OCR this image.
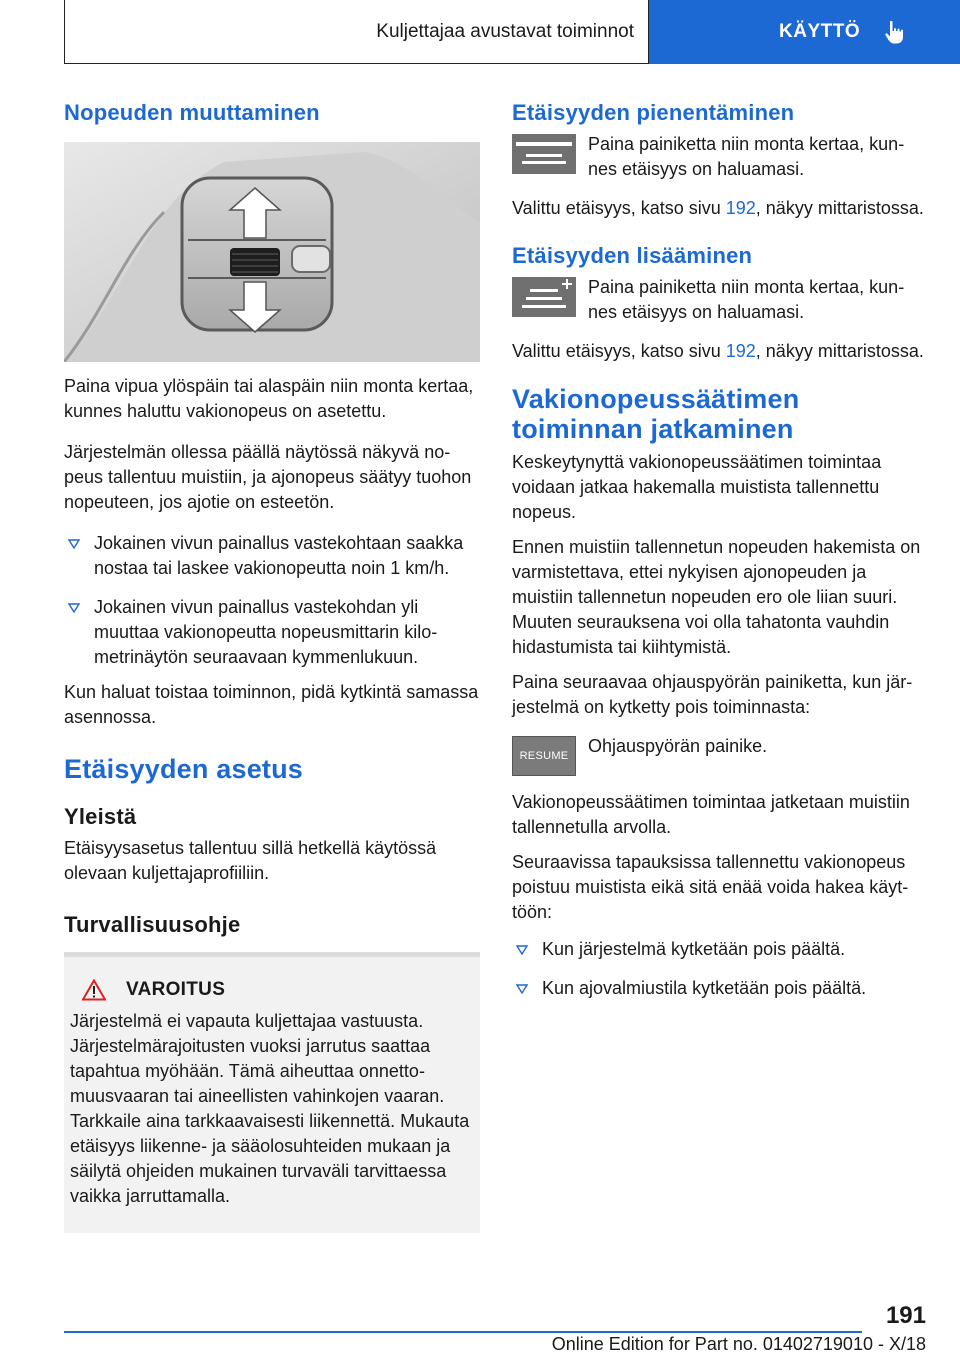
Kuljettajaa avustavat toiminnot	KÄYTTÖ
Nopeuden muuttaminen

Paina vipua ylöspäin tai alaspäin niin monta kertaa, kunnes haluttu vakionopeus on asetettu.

Järjestelmän ollessa päällä näytössä näkyvä nopeus tallentuu muistiin, ja ajonopeus säätyy tuohon nopeuteen, jos ajotie on esteetön.

Jokainen vivun painallus vastekohtaan saakka nostaa tai laskee vakionopeutta noin 1 km/h.
Jokainen vivun painallus vastekohdan yli muuttaa vakionopeutta nopeusmittarin kilometrinäytön seuraavaan kymmenlukuun.

Kun haluat toistaa toiminnon, pidä kytkintä samassa asennossa.

Etäisyyden asetus
Yleistä

Etäisyysasetus tallentuu sillä hetkellä käytössä olevaan kuljettajaprofiiliin.

Turvallisuusohje
VAROITUS

Järjestelmä ei vapauta kuljettajaa vastuusta. Järjestelmärajoitusten vuoksi jarrutus saattaa tapahtua myöhään. Tämä aiheuttaa onnettomuusvaaran tai aineellisten vahinkojen vaaran. Tarkkaile aina tarkkaavaisesti liikennettä. Mukauta etäisyys liikenne- ja sääolosuhteiden mukaan ja säilytä ohjeiden mukainen turvaväli tarvittaessa vaikka jarruttamalla.

Etäisyyden pienentäminen

Paina painiketta niin monta kertaa, kunnes etäisyys on haluamasi.

Valittu etäisyys, katso sivu 192, näkyy mittaristossa.

Etäisyyden lisääminen

Paina painiketta niin monta kertaa, kunnes etäisyys on haluamasi.

Valittu etäisyys, katso sivu 192, näkyy mittaristossa.

Vakionopeussäätimen toiminnan jatkaminen

Keskeytynyttä vakionopeussäätimen toimintaa voidaan jatkaa hakemalla muistista tallennettu nopeus.

Ennen muistiin tallennetun nopeuden hakemista on varmistettava, ettei nykyisen ajonopeuden ja muistiin tallennetun nopeuden ero ole liian suuri. Muuten seurauksena voi olla tahatonta vauhdin hidastumista tai kiihtymistä.

Paina seuraavaa ohjauspyörän painiketta, kun järjestelmä on kytketty pois toiminnasta:

RESUME	Ohjauspyörän painike.

Vakionopeussäätimen toimintaa jatketaan muistiin tallennetulla arvolla.

Seuraavissa tapauksissa tallennettu vakionopeus poistuu muistista eikä sitä enää voida hakea käyttöön:

Kun järjestelmä kytketään pois päältä.
Kun ajovalmiustila kytketään pois päältä.
191
Online Edition for Part no. 01402719010 - X/18
